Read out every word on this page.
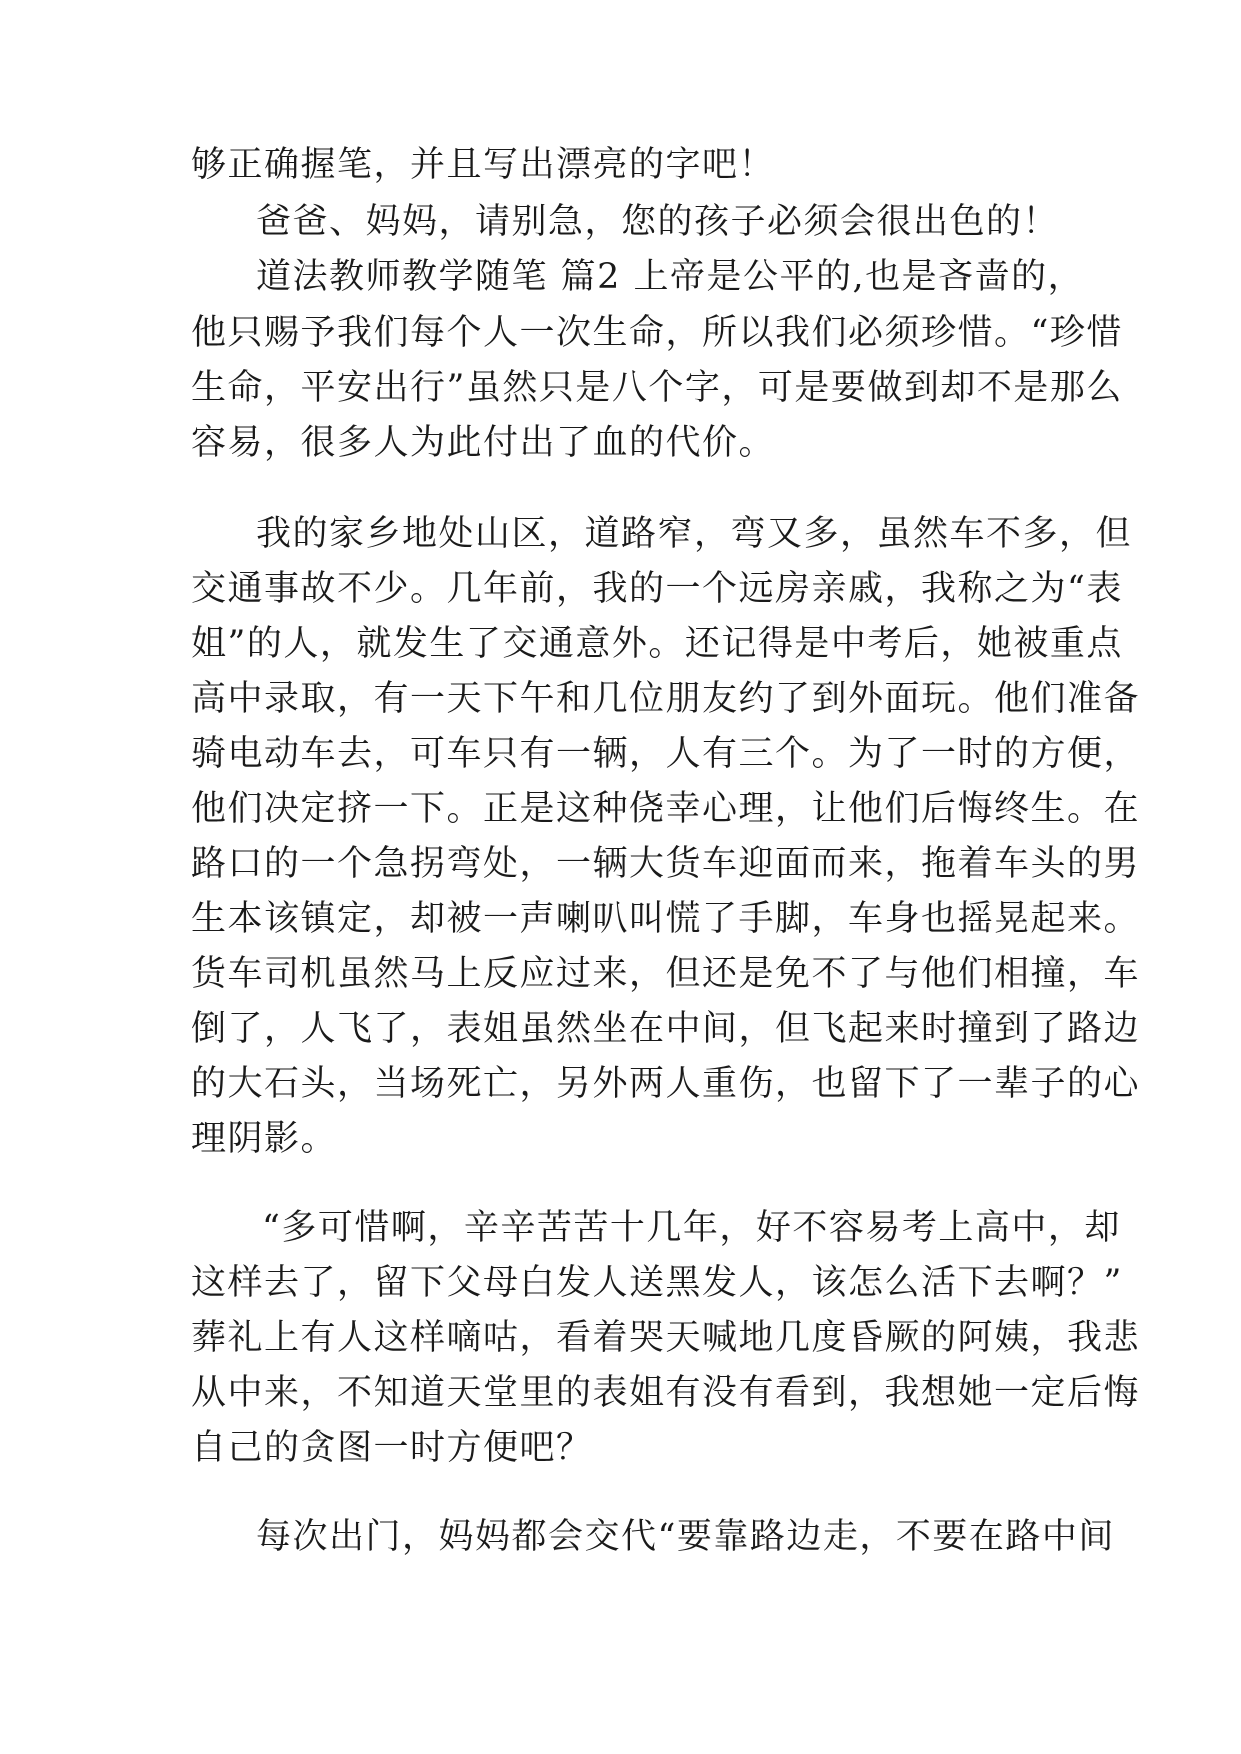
够正确握笔，并且写出漂亮的字吧！
爸爸、妈妈，请别急，您的孩子必须会很出色的！
道法教师教学随笔 篇2 上帝是公平的,也是吝啬的，
他只赐予我们每个人一次生命，所以我们必须珍惜。“珍惜
生命，平安出行”虽然只是八个字，可是要做到却不是那么
容易，很多人为此付出了血的代价。
我的家乡地处山区，道路窄，弯又多，虽然车不多，但
交通事故不少。几年前，我的一个远房亲戚，我称之为“表
姐”的人，就发生了交通意外。还记得是中考后，她被重点
高中录取，有一天下午和几位朋友约了到外面玩。他们准备
骑电动车去，可车只有一辆，人有三个。为了一时的方便，
他们决定挤一下。正是这种侥幸心理，让他们后悔终生。在
路口的一个急拐弯处，一辆大货车迎面而来，拖着车头的男
生本该镇定，却被一声喇叭叫慌了手脚，车身也摇晃起来。
货车司机虽然马上反应过来，但还是免不了与他们相撞，车
倒了，人飞了，表姐虽然坐在中间，但飞起来时撞到了路边
的大石头，当场死亡，另外两人重伤，也留下了一辈子的心
理阴影。
“多可惜啊，辛辛苦苦十几年，好不容易考上高中，却
这样去了，留下父母白发人送黑发人，该怎么活下去啊？”
葬礼上有人这样嘀咕，看着哭天喊地几度昏厥的阿姨，我悲
从中来，不知道天堂里的表姐有没有看到，我想她一定后悔
自己的贪图一时方便吧？
每次出门，妈妈都会交代“要靠路边走，不要在路中间
